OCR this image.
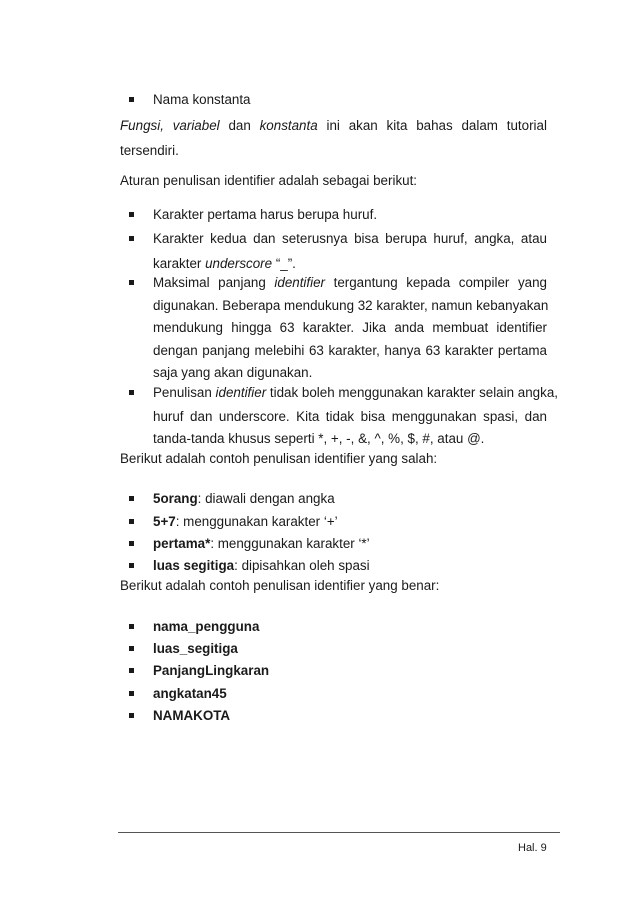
Nama konstanta
Fungsi, variabel dan konstanta ini akan kita bahas dalam tutorial
tersendiri.
Aturan penulisan identifier adalah sebagai berikut:
Karakter pertama harus berupa huruf.
Karakter kedua dan seterusnya bisa berupa huruf, angka, atau
karakter underscore “_”.
Maksimal panjang identifier tergantung kepada compiler yang
digunakan. Beberapa mendukung 32 karakter, namun kebanyakan
mendukung hingga 63 karakter. Jika anda membuat identifier
dengan panjang melebihi 63 karakter, hanya 63 karakter pertama
saja yang akan digunakan.
Penulisan identifier tidak boleh menggunakan karakter selain angka,
huruf dan underscore. Kita tidak bisa menggunakan spasi, dan
tanda-tanda khusus seperti *, +, -, &, ^, %, $, #, atau @.
Berikut adalah contoh penulisan identifier yang salah:
5orang: diawali dengan angka
5+7: menggunakan karakter ‘+’
pertama*: menggunakan karakter ‘*’
luas segitiga: dipisahkan oleh spasi
Berikut adalah contoh penulisan identifier yang benar:
nama_pengguna
luas_segitiga
PanjangLingkaran
angkatan45
NAMAKOTA
Hal. 9
